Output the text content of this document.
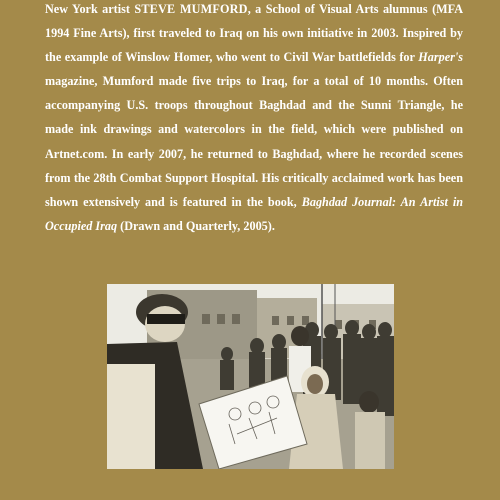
New York artist STEVE MUMFORD, a School of Visual Arts alumnus (MFA 1994 Fine Arts), first traveled to Iraq on his own initiative in 2003. Inspired by the example of Winslow Homer, who went to Civil War battlefields for Harper's magazine, Mumford made five trips to Iraq, for a total of 10 months. Often accompanying U.S. troops throughout Baghdad and the Sunni Triangle, he made ink drawings and watercolors in the field, which were published on Artnet.com. In early 2007, he returned to Baghdad, where he recorded scenes from the 28th Combat Support Hospital. His critically acclaimed work has been shown extensively and is featured in the book, Baghdad Journal: An Artist in Occupied Iraq (Drawn and Quarterly, 2005).
